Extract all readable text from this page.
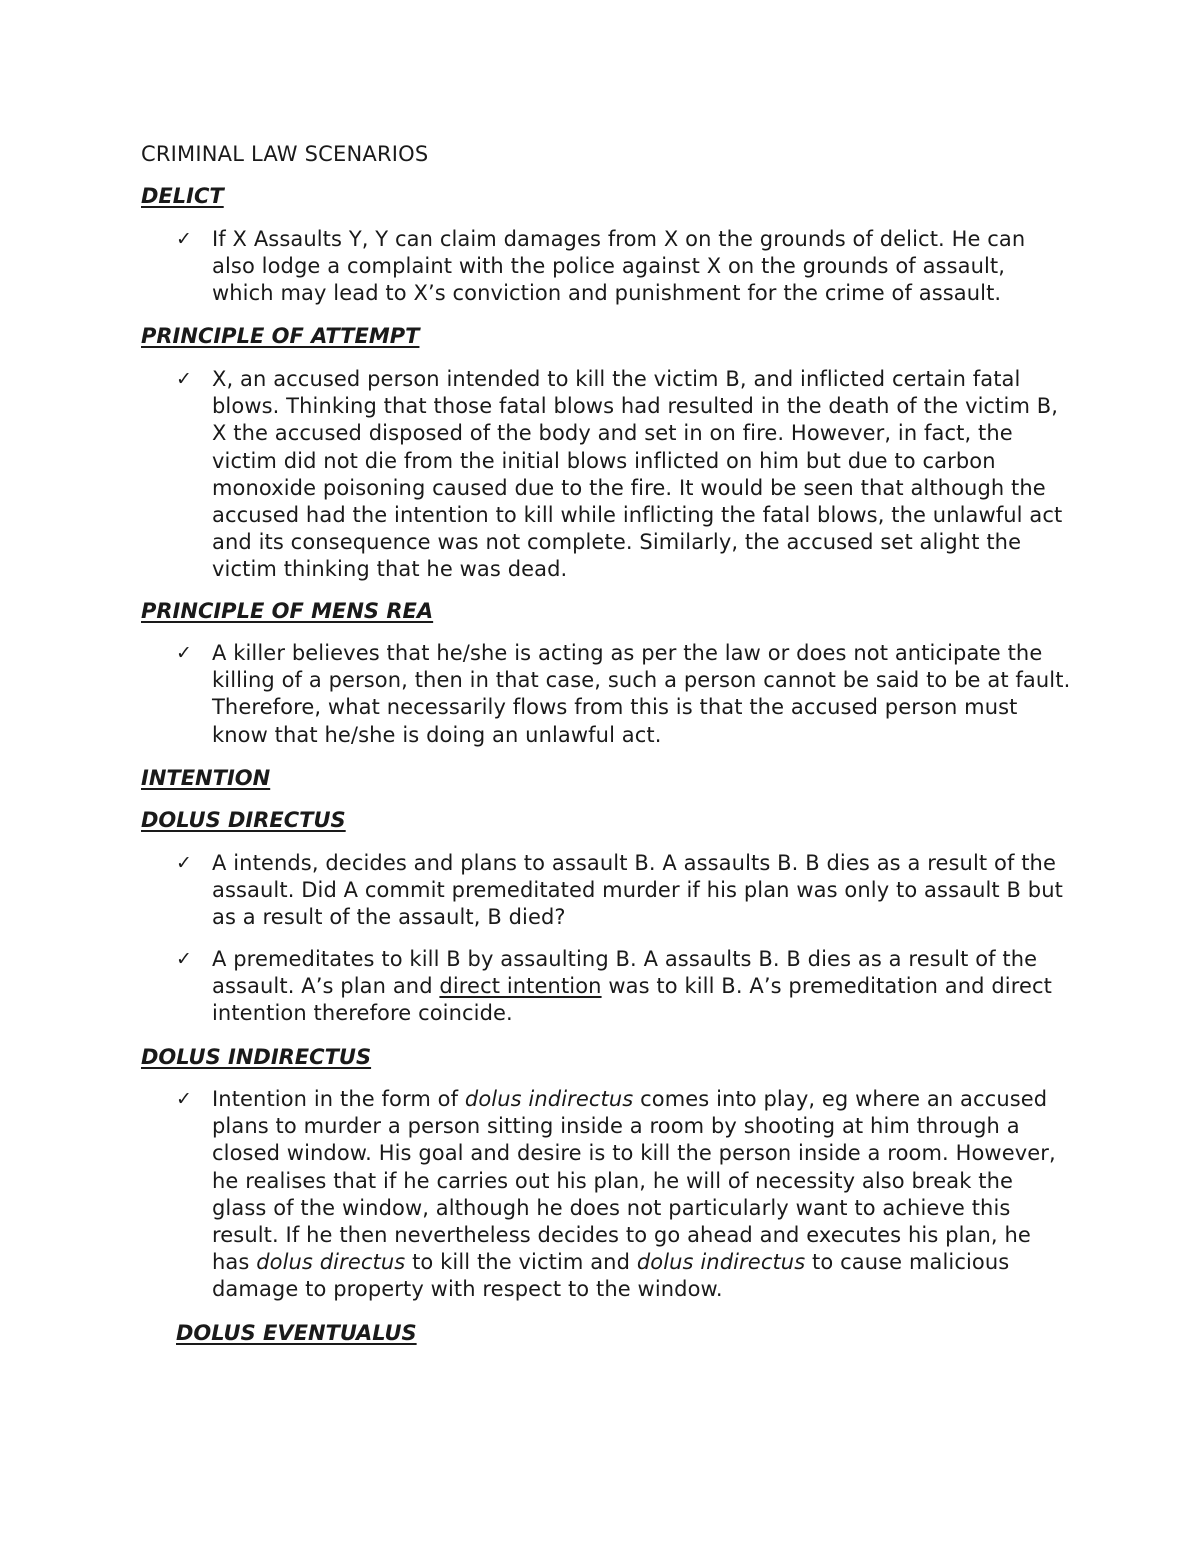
CRIMINAL LAW SCENARIOS
DELICT
✓ If X Assaults Y, Y can claim damages from X on the grounds of delict. He can also lodge a complaint with the police against X on the grounds of assault, which may lead to X’s conviction and punishment for the crime of assault.
PRINCIPLE OF ATTEMPT
✓ X, an accused person intended to kill the victim B, and inflicted certain fatal blows. Thinking that those fatal blows had resulted in the death of the victim B, X the accused disposed of the body and set in on fire. However, in fact, the victim did not die from the initial blows inflicted on him but due to carbon monoxide poisoning caused due to the fire. It would be seen that although the accused had the intention to kill while inflicting the fatal blows, the unlawful act and its consequence was not complete. Similarly, the accused set alight the victim thinking that he was dead.
PRINCIPLE OF MENS REA
✓ A killer believes that he/she is acting as per the law or does not anticipate the killing of a person, then in that case, such a person cannot be said to be at fault. Therefore, what necessarily flows from this is that the accused person must know that he/she is doing an unlawful act.
INTENTION
DOLUS DIRECTUS
✓ A intends, decides and plans to assault B. A assaults B. B dies as a result of the assault. Did A commit premeditated murder if his plan was only to assault B but as a result of the assault, B died?
✓ A premeditates to kill B by assaulting B. A assaults B. B dies as a result of the assault. A’s plan and direct intention was to kill B. A’s premeditation and direct intention therefore coincide.
DOLUS INDIRECTUS
✓ Intention in the form of dolus indirectus comes into play, eg where an accused plans to murder a person sitting inside a room by shooting at him through a closed window. His goal and desire is to kill the person inside a room. However, he realises that if he carries out his plan, he will of necessity also break the glass of the window, although he does not particularly want to achieve this result. If he then nevertheless decides to go ahead and executes his plan, he has dolus directus to kill the victim and dolus indirectus to cause malicious damage to property with respect to the window.
DOLUS EVENTUALUS
